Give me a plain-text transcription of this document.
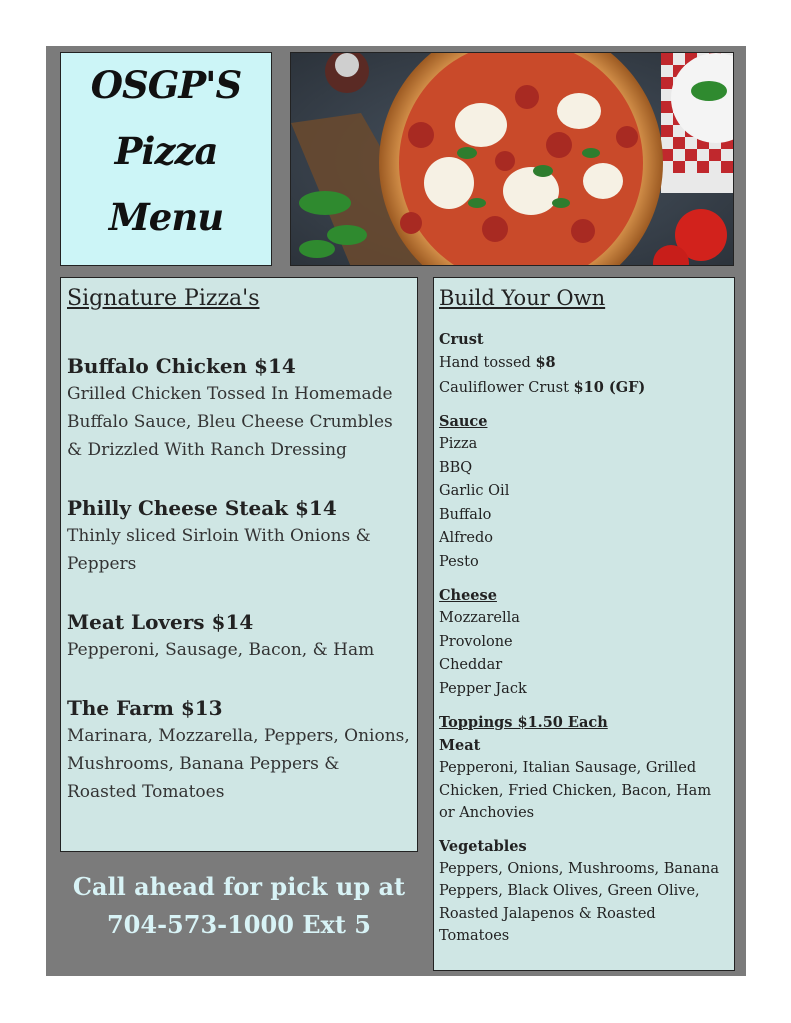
OSGP'S
Pizza
Menu
Signature Pizza's
Buffalo Chicken $14
Grilled Chicken Tossed In Homemade Buffalo Sauce, Bleu Cheese Crumbles & Drizzled With Ranch Dressing
Philly Cheese Steak $14
Thinly sliced Sirloin With Onions & Peppers
Meat Lovers $14
Pepperoni, Sausage, Bacon, & Ham
The Farm $13
Marinara, Mozzarella, Peppers, Onions, Mushrooms, Banana Peppers & Roasted Tomatoes
Call ahead for pick up at
704-573-1000 Ext 5
Build Your Own
Crust
Hand tossed $8
Cauliflower Crust $10 (GF)
Sauce
Pizza
BBQ
Garlic Oil
Buffalo
Alfredo
Pesto
Cheese
Mozzarella
Provolone
Cheddar
Pepper Jack
Toppings $1.50 Each
Meat
Pepperoni, Italian Sausage, Grilled Chicken, Fried Chicken, Bacon, Ham or Anchovies
Vegetables
Peppers, Onions, Mushrooms, Banana Peppers, Black Olives, Green Olive, Roasted Jalapenos & Roasted Tomatoes
